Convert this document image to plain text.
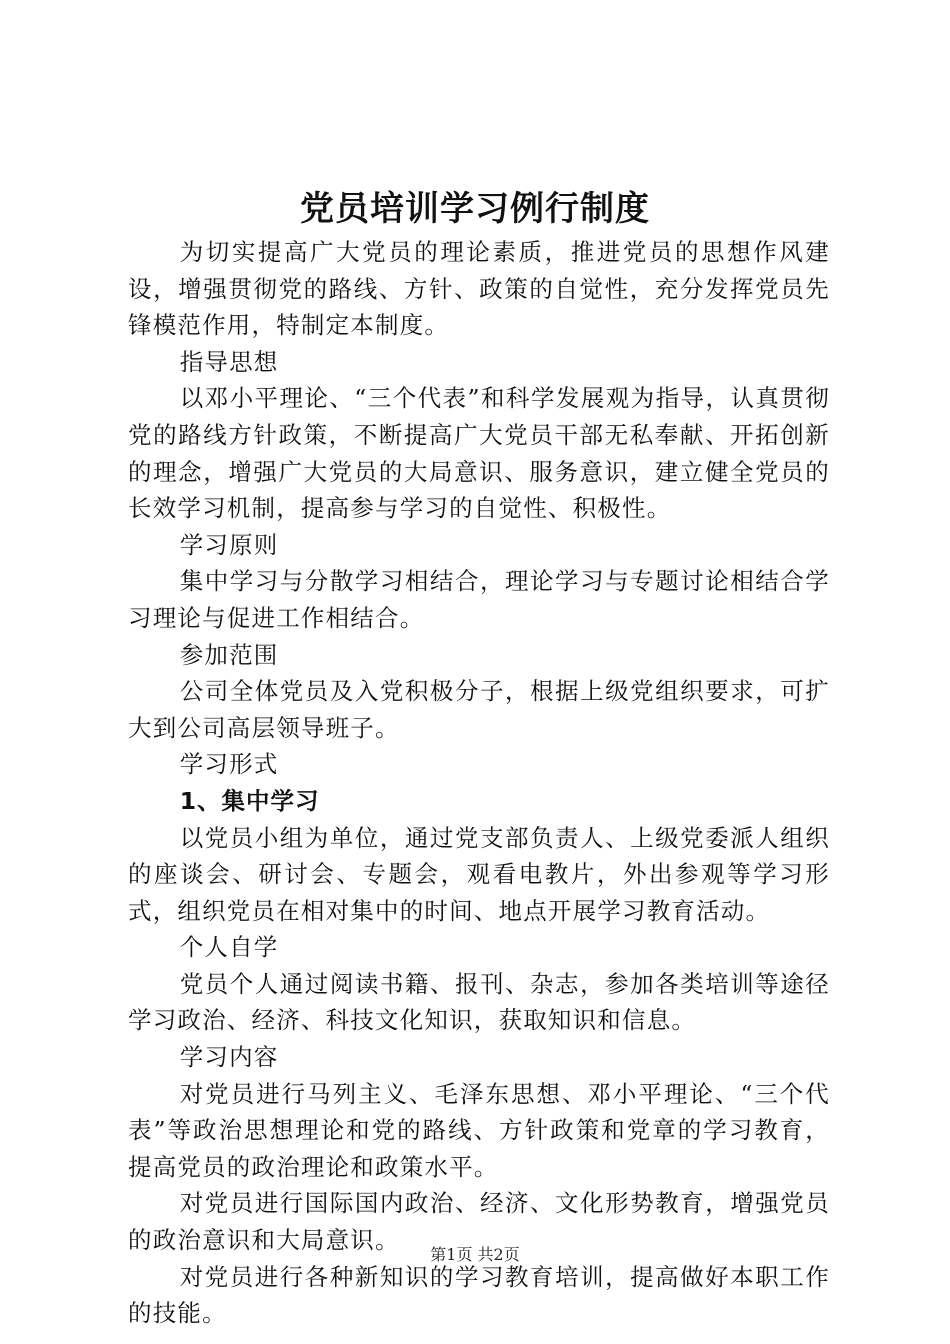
党员培训学习例行制度

为切实提高广大党员的理论素质，推进党员的思想作风建设，增强贯彻党的路线、方针、政策的自觉性，充分发挥党员先锋模范作用，特制定本制度。

指导思想

以邓小平理论、“三个代表”和科学发展观为指导，认真贯彻党的路线方针政策，不断提高广大党员干部无私奉献、开拓创新的理念，增强广大党员的大局意识、服务意识，建立健全党员的长效学习机制，提高参与学习的自觉性、积极性。

学习原则

集中学习与分散学习相结合，理论学习与专题讨论相结合学习理论与促进工作相结合。

参加范围

公司全体党员及入党积极分子，根据上级党组织要求，可扩大到公司高层领导班子。

学习形式

1、集中学习

以党员小组为单位，通过党支部负责人、上级党委派人组织的座谈会、研讨会、专题会，观看电教片，外出参观等学习形式，组织党员在相对集中的时间、地点开展学习教育活动。

个人自学

党员个人通过阅读书籍、报刊、杂志，参加各类培训等途径学习政治、经济、科技文化知识，获取知识和信息。

学习内容

对党员进行马列主义、毛泽东思想、邓小平理论、“三个代表”等政治思想理论和党的路线、方针政策和党章的学习教育，提高党员的政治理论和政策水平。

对党员进行国际国内政治、经济、文化形势教育，增强党员的政治意识和大局意识。

对党员进行各种新知识的学习教育培训，提高做好本职工作的技能。

第1页 共2页
